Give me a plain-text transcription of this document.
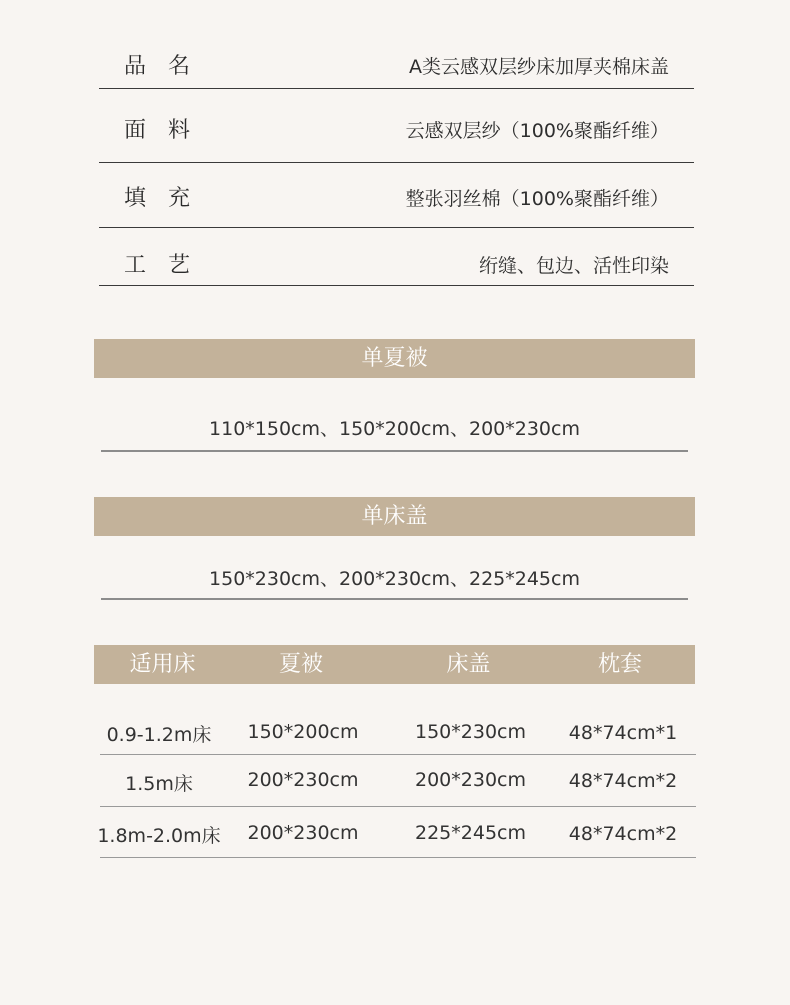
品名	A类云感双层纱床加厚夹棉床盖
面料	云感双层纱（100%聚酯纤维）
填充	整张羽丝棉（100%聚酯纤维）
工艺	绗缝、包边、活性印染
单夏被
110*150cm、150*200cm、200*230cm
单床盖
150*230cm、200*230cm、225*245cm
适用床	夏被	床盖	枕套
0.9-1.2m床	150*200cm	150*230cm	48*74cm*1
1.5m床	200*230cm	200*230cm	48*74cm*2
1.8m-2.0m床	200*230cm	225*245cm	48*74cm*2
